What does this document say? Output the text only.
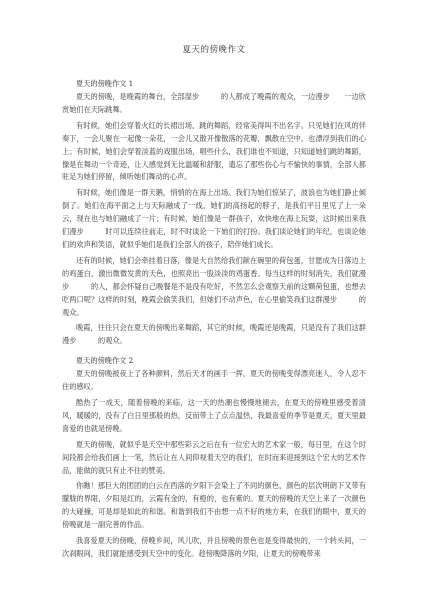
夏天的傍晚作文
夏天的傍晚作文 1

夏天的傍晚，是晚霞的舞台，全部湿步　　　的人都成了晚霞的观众，一边漫步　　一边欣赏她们在天际跳舞。

有时候，她们会穿着火红的长裙出场，跳的舞蹈，经常美得叫不出名字。只见她们在风的伴奏下，一会儿聚在一起像一朵花，一会儿又散开像散落的花瓣，飘散在空中。也漂浮到我们的心上；有时候，她们会穿着淡蓝的戏服出场，唱些什么，我们谁也不知道，只知道她们跳的舞蹈，像是在舞动一个奇迹，让人感觉到无比温暖和舒服，遗忘了那些伤心与不愉快的事情，全部人都驻足为她们停留，倾听她们舞动的心声。

有时候，她们像是一群天鹅，悄悄的在海上出场。我们为她们惊呆了，波浪也为她们静止倾倒了。她们在海平面之上与天际融成了一线，她们的高扬起的脖子，是我们平日里见了上一朵云，现在也与她们融成了一片；有时候，她们像是一群孩子，欢快地在海上玩耍，这时候出来我们漫步　　　时可以连续往前走，时不时谈论一下她们的打扮。我们谈论她们的年纪，也谈论她们的欢声和笑语，就似乎她们是我们全部人的孩子，陪伴她们成长。

还有的时候，她们会牵挂着日落，像是大自然给我们献在碗里的荷包蛋，甘愿成为日落边上的鸡蛋白，激出微微发黄的天色，也照亮出一股淡淡的鸡蛋香。每当这样的时刻消失，我们就漫步　　　的人，都会怀疑自己晚餐是不是没有吃好，不然怎么会观察天前的这颗荷包蛋，也想去吃两口呢？这样的时刻，晚霞会偷笑我们，但她们不动声色，在心里偷笑我们这群漫步　　　的观众。

晚霞，往往只会在夏天的傍晚出来舞蹈，其它的时候，晚霞还是晚霞，只是没有了我们这群漫步　　　的观众。

夏天的傍晚作文 2

夏天的傍晚被夜上了各种颜料，然后天才的画手一挥，夏天的傍晚变得漂亮迷人，令人忍不住的感叹。

酷热了一成天，随着傍晚的来临，这一天的热潮也慢慢地褪去，在夏天的傍晚里感受着清风，暖暖的，没有了白日里那般的热，反而带上了点点温热，我最喜爱的季节是夏天，夏天里最喜爱的也就是傍晚。

夏天的傍晚，就似乎是天空中那些彩云之后在有一位宏大的艺术家一般，每日里，在这个时间段都会给我们画上一笔，然后让在人间仰视着天空的我们，在时而来迎接到这个宏大的艺术作品，能做的就只有止不住的赞美。

你瞧！那巨大的团团的白云在西落的夕阳下会染上了不同的颜色，颜色的层次明朗下又带有朦胧的界限，夕阳是红的，云霞有金的，有橙的，也有紫的。夏天的傍晚的天空上来了一次颜色的大碰撞，可是却是如此的和谐。和谐到我们不由想一点不好的地方来，在我们的眼中，夏天的傍晚就是一副完善的作品。

我喜爱夏天的傍晚，傍晚乡间，风儿吹，并且傍晚的景色也是变得最快的，一个转头间，一次刹眼间，我们就能感受到天空中的变化。趁傍晚降落的夕阳，让夏天的傍晚带来
